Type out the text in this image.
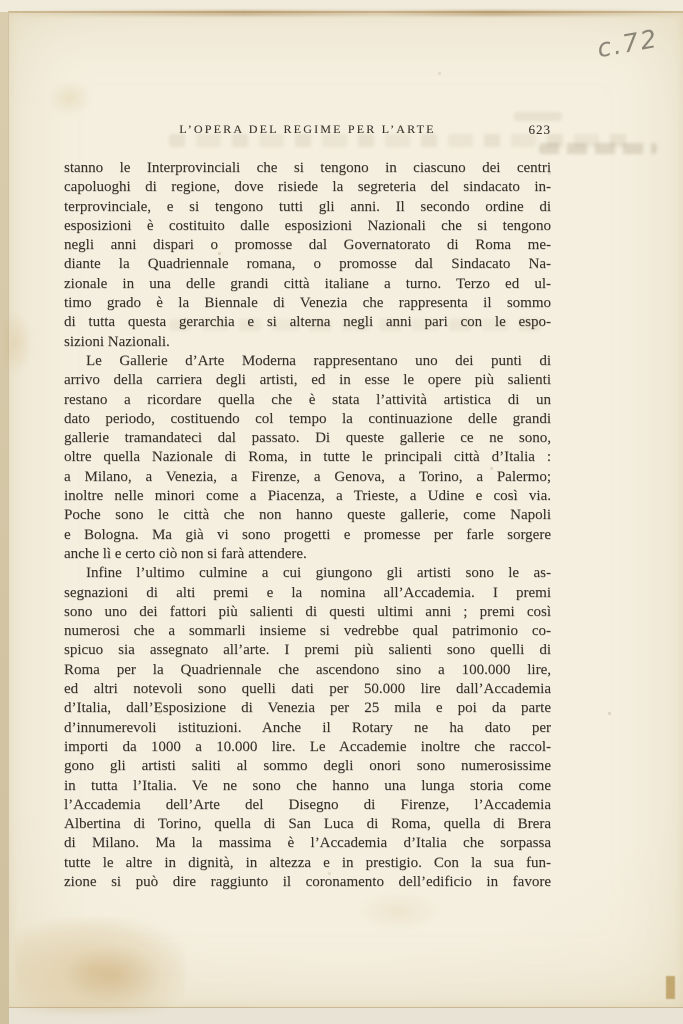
c.72
L’OPERA DEL REGIME PER L’ARTE	623
stanno le Interprovinciali che si tengono in ciascuno dei centri
capoluoghi di regione, dove risiede la segreteria del sindacato in-
terprovinciale, e si tengono tutti gli anni. Il secondo ordine di
esposizioni è costituito dalle esposizioni Nazionali che si tengono
negli anni dispari o promosse dal Governatorato di Roma me-
diante la Quadriennale romana, o promosse dal Sindacato Na-
zionale in una delle grandi città italiane a turno. Terzo ed ul-
timo grado è la Biennale di Venezia che rappresenta il sommo
di tutta questa gerarchia e si alterna negli anni pari con le espo-
sizioni Nazionali.
Le Gallerie d’Arte Moderna rappresentano uno dei punti di
arrivo della carriera degli artisti, ed in esse le opere più salienti
restano a ricordare quella che è stata l’attività artistica di un
dato periodo, costituendo col tempo la continuazione delle grandi
gallerie tramandateci dal passato. Di queste gallerie ce ne sono,
oltre quella Nazionale di Roma, in tutte le principali città d’Italia :
a Milano, a Venezia, a Firenze, a Genova, a Torino, a Palermo;
inoltre nelle minori come a Piacenza, a Trieste, a Udine e così via.
Poche sono le città che non hanno queste gallerie, come Napoli
e Bologna. Ma già vi sono progetti e promesse per farle sorgere
anche lì e certo ciò non si farà attendere.
Infine l’ultimo culmine a cui giungono gli artisti sono le as-
segnazioni di alti premi e la nomina all’Accademia. I premi
sono uno dei fattori più salienti di questi ultimi anni ; premi così
numerosi che a sommarli insieme si vedrebbe qual patrimonio co-
spicuo sia assegnato all’arte. I premi più salienti sono quelli di
Roma per la Quadriennale che ascendono sino a 100.000 lire,
ed altri notevoli sono quelli dati per 50.000 lire dall’Accademia
d’Italia, dall’Esposizione di Venezia per 25 mila e poi da parte
d’innumerevoli istituzioni. Anche il Rotary ne ha dato per
importi da 1000 a 10.000 lire. Le Accademie inoltre che raccol-
gono gli artisti saliti al sommo degli onori sono numerosissime
in tutta l’Italia. Ve ne sono che hanno una lunga storia come
l’Accademia dell’Arte del Disegno di Firenze, l’Accademia
Albertina di Torino, quella di San Luca di Roma, quella di Brera
di Milano. Ma la massima è l’Accademia d’Italia che sorpassa
tutte le altre in dignità, in altezza e in prestigio. Con la sua fun-
zione si può dire raggiunto il coronamento dell’edificio in favore
